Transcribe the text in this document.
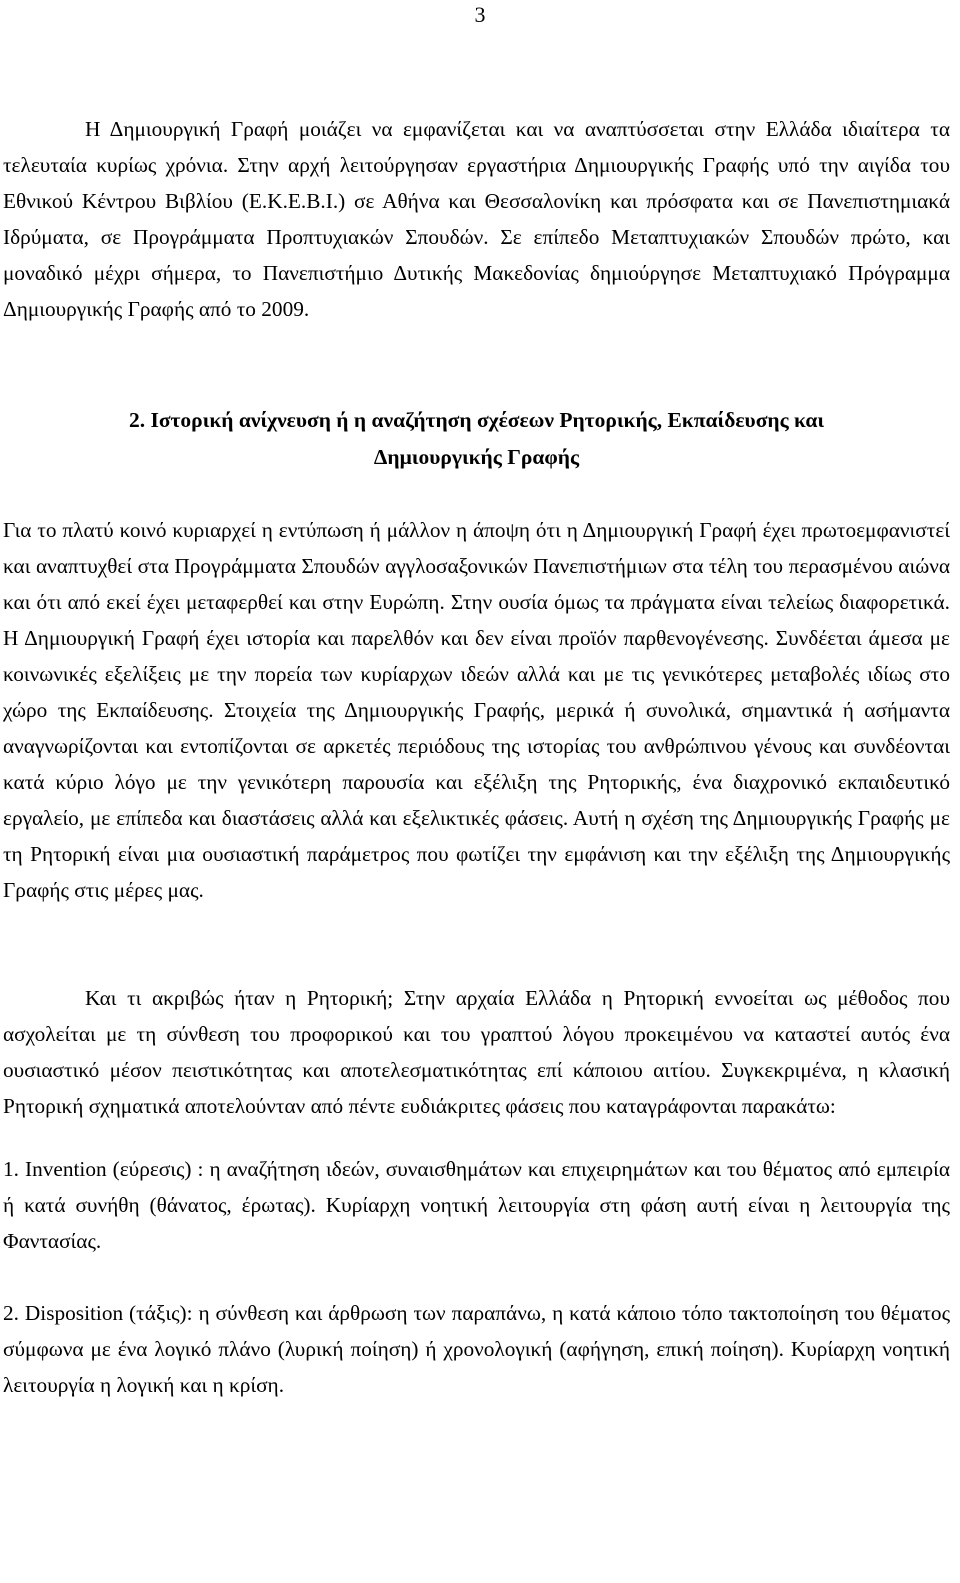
3

Η Δημιουργική Γραφή μοιάζει να εμφανίζεται και να αναπτύσσεται στην Ελλάδα ιδιαίτερα τα τελευταία κυρίως χρόνια. Στην αρχή λειτούργησαν εργαστήρια Δημιουργικής Γραφής υπό την αιγίδα του Εθνικού Κέντρου Βιβλίου (Ε.Κ.Ε.Β.Ι.) σε Αθήνα και Θεσσαλονίκη και πρόσφατα και σε Πανεπιστημιακά Ιδρύματα, σε Προγράμματα Προπτυχιακών Σπουδών. Σε επίπεδο Μεταπτυχιακών Σπουδών πρώτο, και μοναδικό μέχρι σήμερα, το Πανεπιστήμιο Δυτικής Μακεδονίας δημιούργησε Μεταπτυχιακό Πρόγραμμα Δημιουργικής Γραφής από το 2009.

2. Ιστορική ανίχνευση ή η αναζήτηση σχέσεων Ρητορικής, Εκπαίδευσης και
Δημιουργικής Γραφής

Για το πλατύ κοινό κυριαρχεί η εντύπωση ή μάλλον η άποψη ότι η Δημιουργική Γραφή έχει πρωτοεμφανιστεί και αναπτυχθεί στα Προγράμματα Σπουδών αγγλοσαξονικών Πανεπιστήμιων στα τέλη του περασμένου αιώνα και ότι από εκεί έχει μεταφερθεί και στην Ευρώπη. Στην ουσία όμως τα πράγματα είναι τελείως διαφορετικά. Η Δημιουργική Γραφή έχει ιστορία και παρελθόν και δεν είναι προϊόν παρθενογένεσης. Συνδέεται άμεσα με κοινωνικές εξελίξεις με την πορεία των κυρίαρχων ιδεών αλλά και με τις γενικότερες μεταβολές ιδίως στο χώρο της Εκπαίδευσης. Στοιχεία της Δημιουργικής Γραφής, μερικά ή συνολικά, σημαντικά ή ασήμαντα αναγνωρίζονται και εντοπίζονται σε αρκετές περιόδους της ιστορίας του ανθρώπινου γένους και συνδέονται κατά κύριο λόγο με την γενικότερη παρουσία και εξέλιξη της Ρητορικής, ένα διαχρονικό εκπαιδευτικό εργαλείο, με επίπεδα και διαστάσεις αλλά και εξελικτικές φάσεις. Αυτή η σχέση της Δημιουργικής Γραφής με τη Ρητορική είναι μια ουσιαστική παράμετρος που φωτίζει την εμφάνιση και την εξέλιξη της Δημιουργικής Γραφής στις μέρες μας.

Και τι ακριβώς ήταν η Ρητορική; Στην αρχαία Ελλάδα η Ρητορική εννοείται ως μέθοδος που ασχολείται με τη σύνθεση του προφορικού και του γραπτού λόγου προκειμένου να καταστεί αυτός ένα ουσιαστικό μέσον πειστικότητας και αποτελεσματικότητας επί κάποιου αιτίου. Συγκεκριμένα, η κλασική Ρητορική σχηματικά αποτελούνταν από πέντε ευδιάκριτες φάσεις που καταγράφονται παρακάτω:

1. Invention (εύρεσις) : η αναζήτηση ιδεών, συναισθημάτων και επιχειρημάτων και του θέματος από εμπειρία ή κατά συνήθη (θάνατος, έρωτας). Κυρίαρχη νοητική λειτουργία στη φάση αυτή είναι η λειτουργία της Φαντασίας.

2. Disposition (τάξις): η σύνθεση και άρθρωση των παραπάνω, η κατά κάποιο τόπο τακτοποίηση του θέματος σύμφωνα με ένα λογικό πλάνο (λυρική ποίηση) ή χρονολογική (αφήγηση, επική ποίηση). Κυρίαρχη νοητική λειτουργία η λογική και η κρίση.
